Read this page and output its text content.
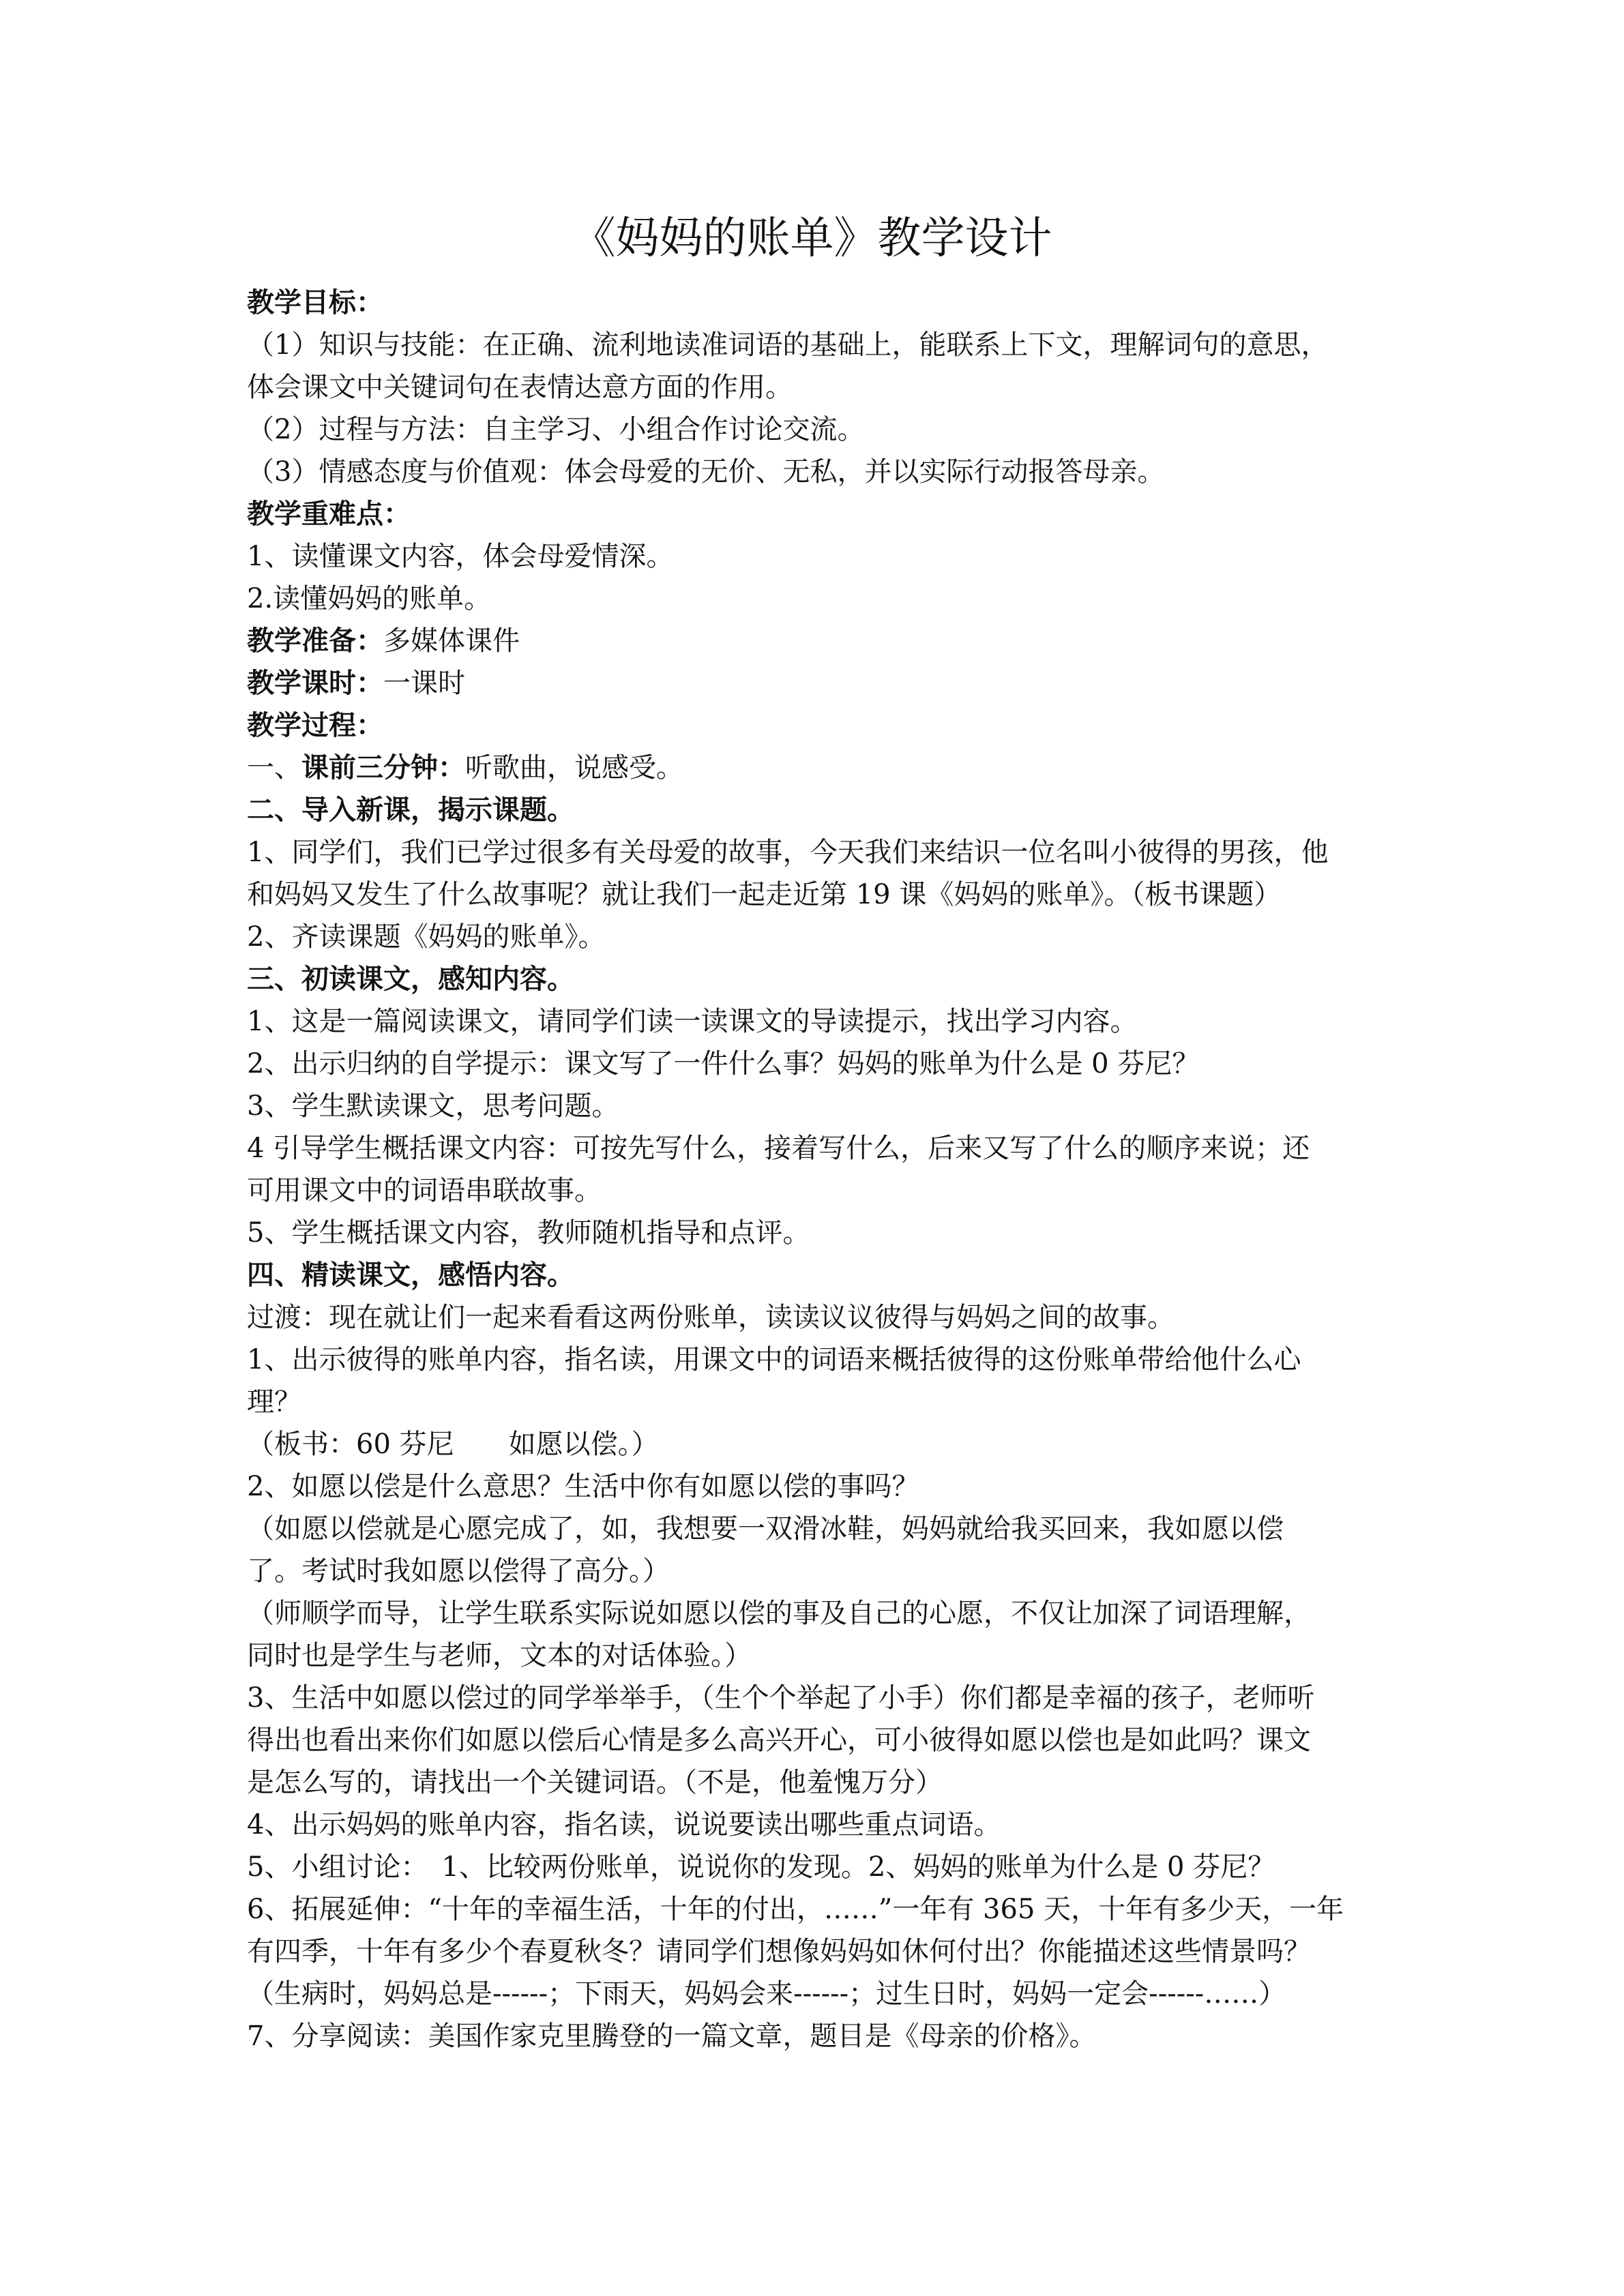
《妈妈的账单》教学设计
教学目标：
（1）知识与技能：在正确、流利地读准词语的基础上，能联系上下文，理解词句的意思，
体会课文中关键词句在表情达意方面的作用。
（2）过程与方法：自主学习、小组合作讨论交流。
（3）情感态度与价值观：体会母爱的无价、无私，并以实际行动报答母亲。
教学重难点：
1、读懂课文内容，体会母爱情深。
2.读懂妈妈的账单。
教学准备：多媒体课件
教学课时：一课时
教学过程：
一、课前三分钟：听歌曲，说感受。
二、导入新课，揭示课题。
1、同学们，我们已学过很多有关母爱的故事，今天我们来结识一位名叫小彼得的男孩，他
和妈妈又发生了什么故事呢？就让我们一起走近第 19 课《妈妈的账单》。（板书课题）
2、齐读课题《妈妈的账单》。
三、初读课文，感知内容。
1、这是一篇阅读课文，请同学们读一读课文的导读提示，找出学习内容。
2、出示归纳的自学提示：课文写了一件什么事？妈妈的账单为什么是 0 芬尼？
3、学生默读课文，思考问题。
4 引导学生概括课文内容：可按先写什么，接着写什么，后来又写了什么的顺序来说；还
可用课文中的词语串联故事。
5、学生概括课文内容，教师随机指导和点评。
四、精读课文，感悟内容。
过渡：现在就让们一起来看看这两份账单，读读议议彼得与妈妈之间的故事。
1、出示彼得的账单内容，指名读，用课文中的词语来概括彼得的这份账单带给他什么心
理？
（板书：60 芬尼　　如愿以偿。）
2、如愿以偿是什么意思？生活中你有如愿以偿的事吗？
（如愿以偿就是心愿完成了，如，我想要一双滑冰鞋，妈妈就给我买回来，我如愿以偿
了。考试时我如愿以偿得了高分。）
（师顺学而导，让学生联系实际说如愿以偿的事及自己的心愿，不仅让加深了词语理解，
同时也是学生与老师，文本的对话体验。）
3、生活中如愿以偿过的同学举举手，（生个个举起了小手）你们都是幸福的孩子，老师听
得出也看出来你们如愿以偿后心情是多么高兴开心，可小彼得如愿以偿也是如此吗？课文
是怎么写的，请找出一个关键词语。（不是，他羞愧万分）
4、出示妈妈的账单内容，指名读，说说要读出哪些重点词语。
5、小组讨论：　1、比较两份账单，说说你的发现。2、妈妈的账单为什么是 0 芬尼？
6、拓展延伸：“十年的幸福生活，十年的付出，……”一年有 365 天，十年有多少天，一年
有四季，十年有多少个春夏秋冬？请同学们想像妈妈如休何付出？你能描述这些情景吗？
（生病时，妈妈总是------；下雨天，妈妈会来------；过生日时，妈妈一定会------……）
7、分享阅读：美国作家克里腾登的一篇文章，题目是《母亲的价格》。
